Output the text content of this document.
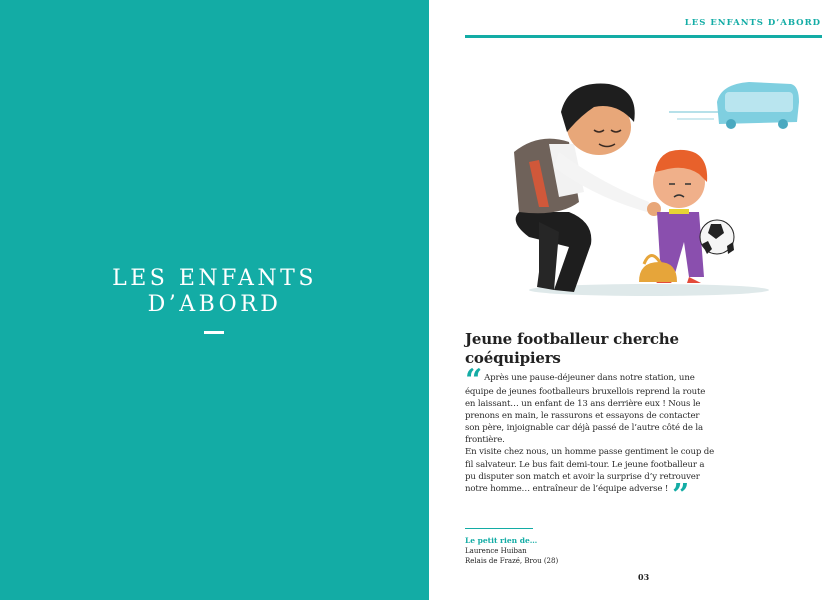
LES ENFANTS
D’ABORD
LES ENFANTS D’ABORD
Jeune footballeur cherche coéquipiers

“ Après une pause-déjeuner dans notre station, une équipe de jeunes footballeurs bruxellois reprend la route en laissant… un enfant de 13 ans derrière eux ! Nous le prenons en main, le rassurons et essayons de contacter son père, injoignable car déjà passé de l’autre côté de la frontière.

En visite chez nous, un homme passe gentiment le coup de fil salvateur. Le bus fait demi-tour. Le jeune footballeur a pu disputer son match et avoir la surprise d’y retrouver notre homme… entraîneur de l’équipe adverse ! ”

Le petit rien de…
Laurence Huiban
Relais de Frazé, Brou (28)
03
